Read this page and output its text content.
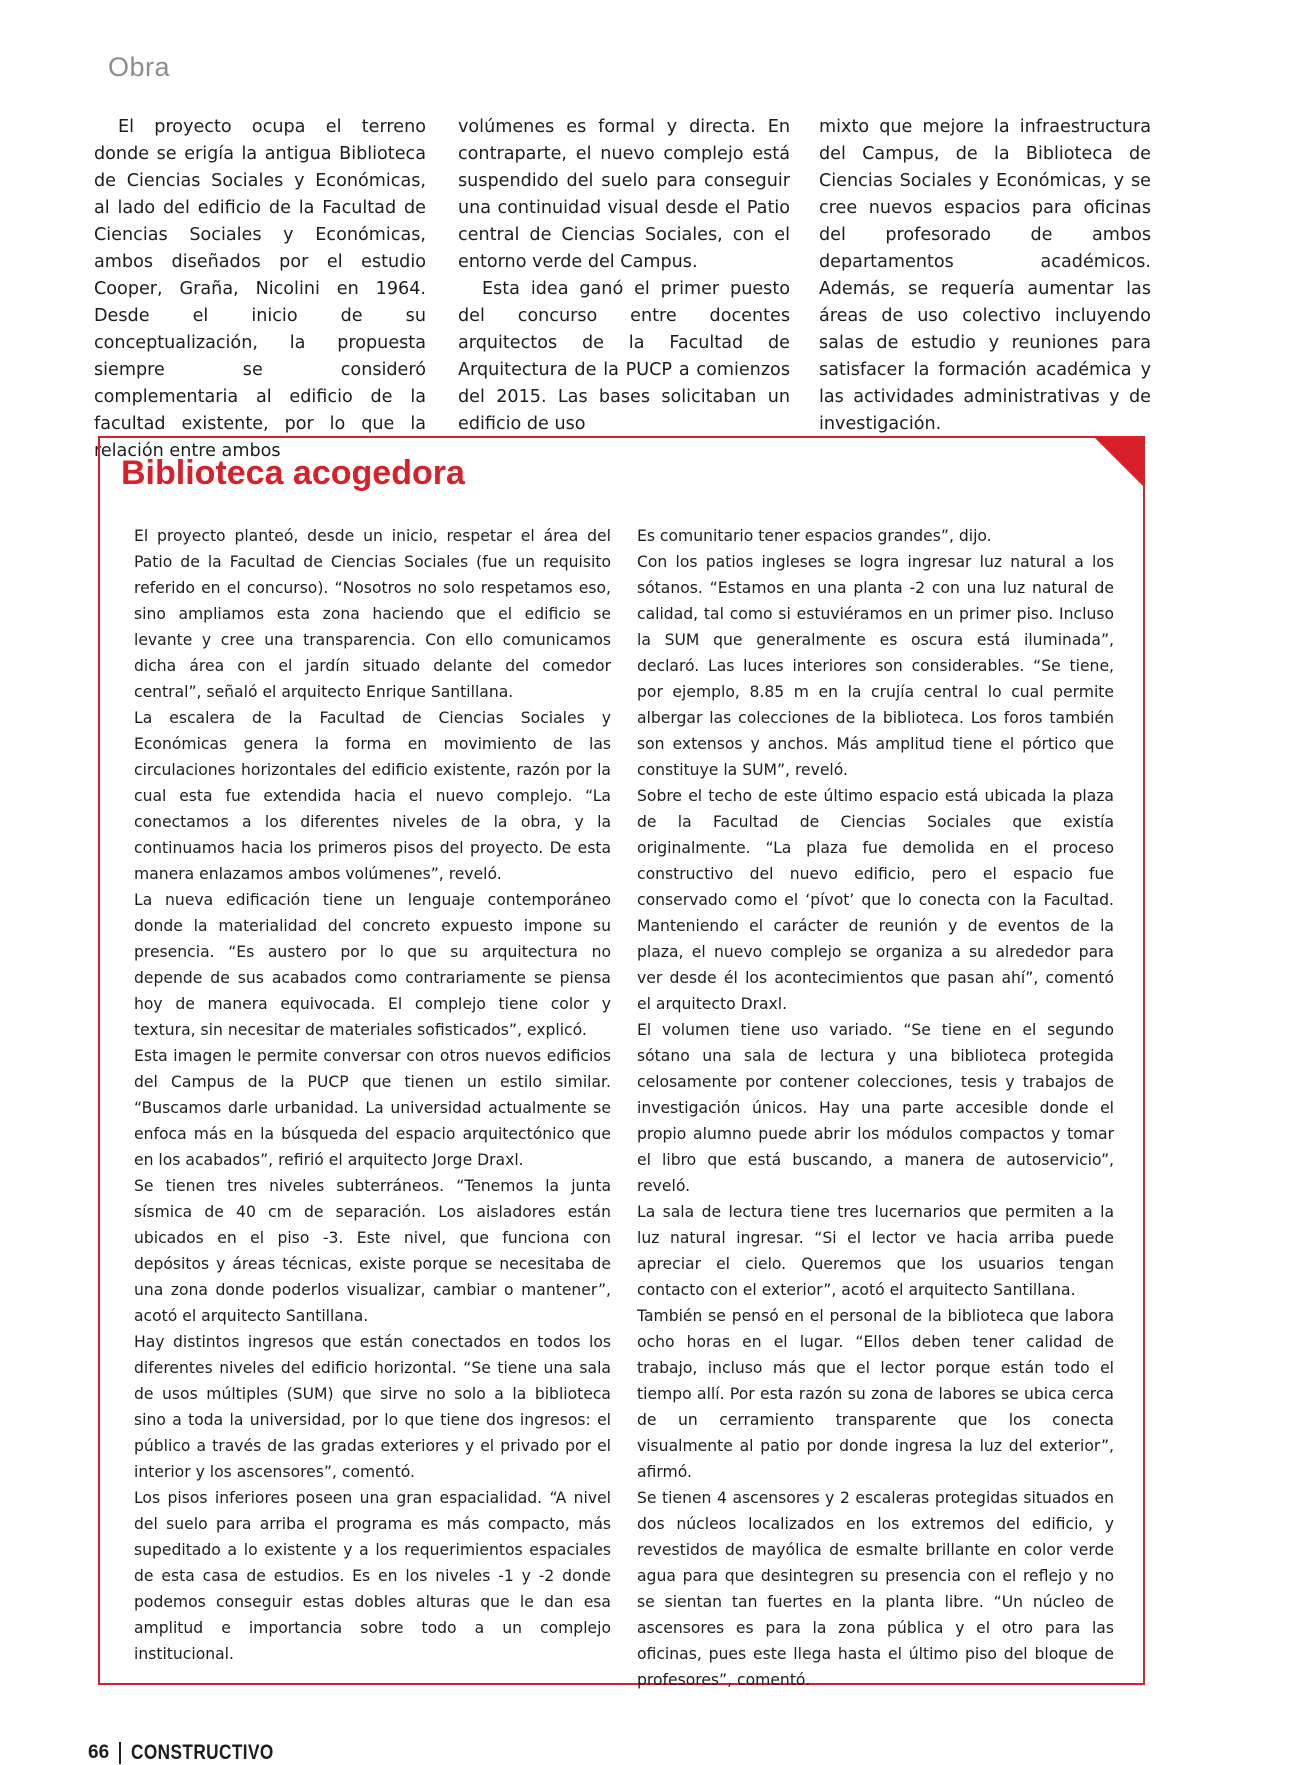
Obra

El proyecto ocupa el terreno donde se erigía la antigua Biblioteca de Ciencias Sociales y Económicas, al lado del edificio de la Facultad de Ciencias Sociales y Económicas, ambos diseñados por el estudio Cooper, Graña, Nicolini en 1964. Desde el inicio de su conceptualización, la propuesta siempre se consideró complementaria al edificio de la facultad existente, por lo que la relación entre ambos

volúmenes es formal y directa. En contraparte, el nuevo complejo está suspendido del suelo para conseguir una continuidad visual desde el Patio central de Ciencias Sociales, con el entorno verde del Campus.

Esta idea ganó el primer puesto del concurso entre docentes arquitectos de la Facultad de Arquitectura de la PUCP a comienzos del 2015. Las bases solicitaban un edificio de uso

mixto que mejore la infraestructura del Campus, de la Biblioteca de Ciencias Sociales y Económicas, y se cree nuevos espacios para oficinas del profesorado de ambos departamentos académicos. Además, se requería aumentar las áreas de uso colectivo incluyendo salas de estudio y reuniones para satisfacer la formación académica y las actividades administrativas y de investigación.

Biblioteca acogedora

El proyecto planteó, desde un inicio, respetar el área del Patio de la Facultad de Ciencias Sociales (fue un requisito referido en el concurso). “Nosotros no solo respetamos eso, sino ampliamos esta zona haciendo que el edificio se levante y cree una transparencia. Con ello comunicamos dicha área con el jardín situado delante del comedor central”, señaló el arquitecto Enrique Santillana.

La escalera de la Facultad de Ciencias Sociales y Económicas genera la forma en movimiento de las circulaciones horizontales del edificio existente, razón por la cual esta fue extendida hacia el nuevo complejo. “La conectamos a los diferentes niveles de la obra, y la continuamos hacia los primeros pisos del proyecto. De esta manera enlazamos ambos volúmenes”, reveló.

La nueva edificación tiene un lenguaje contemporáneo donde la materialidad del concreto expuesto impone su presencia. “Es austero por lo que su arquitectura no depende de sus acabados como contrariamente se piensa hoy de manera equivocada. El complejo tiene color y textura, sin necesitar de materiales sofisticados”, explicó.

Esta imagen le permite conversar con otros nuevos edificios del Campus de la PUCP que tienen un estilo similar. “Buscamos darle urbanidad. La universidad actualmente se enfoca más en la búsqueda del espacio arquitectónico que en los acabados”, refirió el arquitecto Jorge Draxl.

Se tienen tres niveles subterráneos. “Tenemos la junta sísmica de 40 cm de separación. Los aisladores están ubicados en el piso -3. Este nivel, que funciona con depósitos y áreas técnicas, existe porque se necesitaba de una zona donde poderlos visualizar, cambiar o mantener”, acotó el arquitecto Santillana.

Hay distintos ingresos que están conectados en todos los diferentes niveles del edificio horizontal. “Se tiene una sala de usos múltiples (SUM) que sirve no solo a la biblioteca sino a toda la universidad, por lo que tiene dos ingresos: el público a través de las gradas exteriores y el privado por el interior y los ascensores”, comentó.

Los pisos inferiores poseen una gran espacialidad. “A nivel del suelo para arriba el programa es más compacto, más supeditado a lo existente y a los requerimientos espaciales de esta casa de estudios. Es en los niveles -1 y -2 donde podemos conseguir estas dobles alturas que le dan esa amplitud e importancia sobre todo a un complejo institucional.

Es comunitario tener espacios grandes”, dijo.

Con los patios ingleses se logra ingresar luz natural a los sótanos. “Estamos en una planta -2 con una luz natural de calidad, tal como si estuviéramos en un primer piso. Incluso la SUM que generalmente es oscura está iluminada”, declaró. Las luces interiores son considerables. “Se tiene, por ejemplo, 8.85 m en la crujía central lo cual permite albergar las colecciones de la biblioteca. Los foros también son extensos y anchos. Más amplitud tiene el pórtico que constituye la SUM”, reveló.

Sobre el techo de este último espacio está ubicada la plaza de la Facultad de Ciencias Sociales que existía originalmente. “La plaza fue demolida en el proceso constructivo del nuevo edificio, pero el espacio fue conservado como el ‘pívot’ que lo conecta con la Facultad. Manteniendo el carácter de reunión y de eventos de la plaza, el nuevo complejo se organiza a su alrededor para ver desde él los acontecimientos que pasan ahí”, comentó el arquitecto Draxl.

El volumen tiene uso variado. “Se tiene en el segundo sótano una sala de lectura y una biblioteca protegida celosamente por contener colecciones, tesis y trabajos de investigación únicos. Hay una parte accesible donde el propio alumno puede abrir los módulos compactos y tomar el libro que está buscando, a manera de autoservicio”, reveló.

La sala de lectura tiene tres lucernarios que permiten a la luz natural ingresar. “Si el lector ve hacia arriba puede apreciar el cielo. Queremos que los usuarios tengan contacto con el exterior”, acotó el arquitecto Santillana.

También se pensó en el personal de la biblioteca que labora ocho horas en el lugar. “Ellos deben tener calidad de trabajo, incluso más que el lector porque están todo el tiempo allí. Por esta razón su zona de labores se ubica cerca de un cerramiento transparente que los conecta visualmente al patio por donde ingresa la luz del exterior”, afirmó.

Se tienen 4 ascensores y 2 escaleras protegidas situados en dos núcleos localizados en los extremos del edificio, y revestidos de mayólica de esmalte brillante en color verde agua para que desintegren su presencia con el reflejo y no se sientan tan fuertes en la planta libre. “Un núcleo de ascensores es para la zona pública y el otro para las oficinas, pues este llega hasta el último piso del bloque de profesores”, comentó.

66 CONSTRUCTIVO
